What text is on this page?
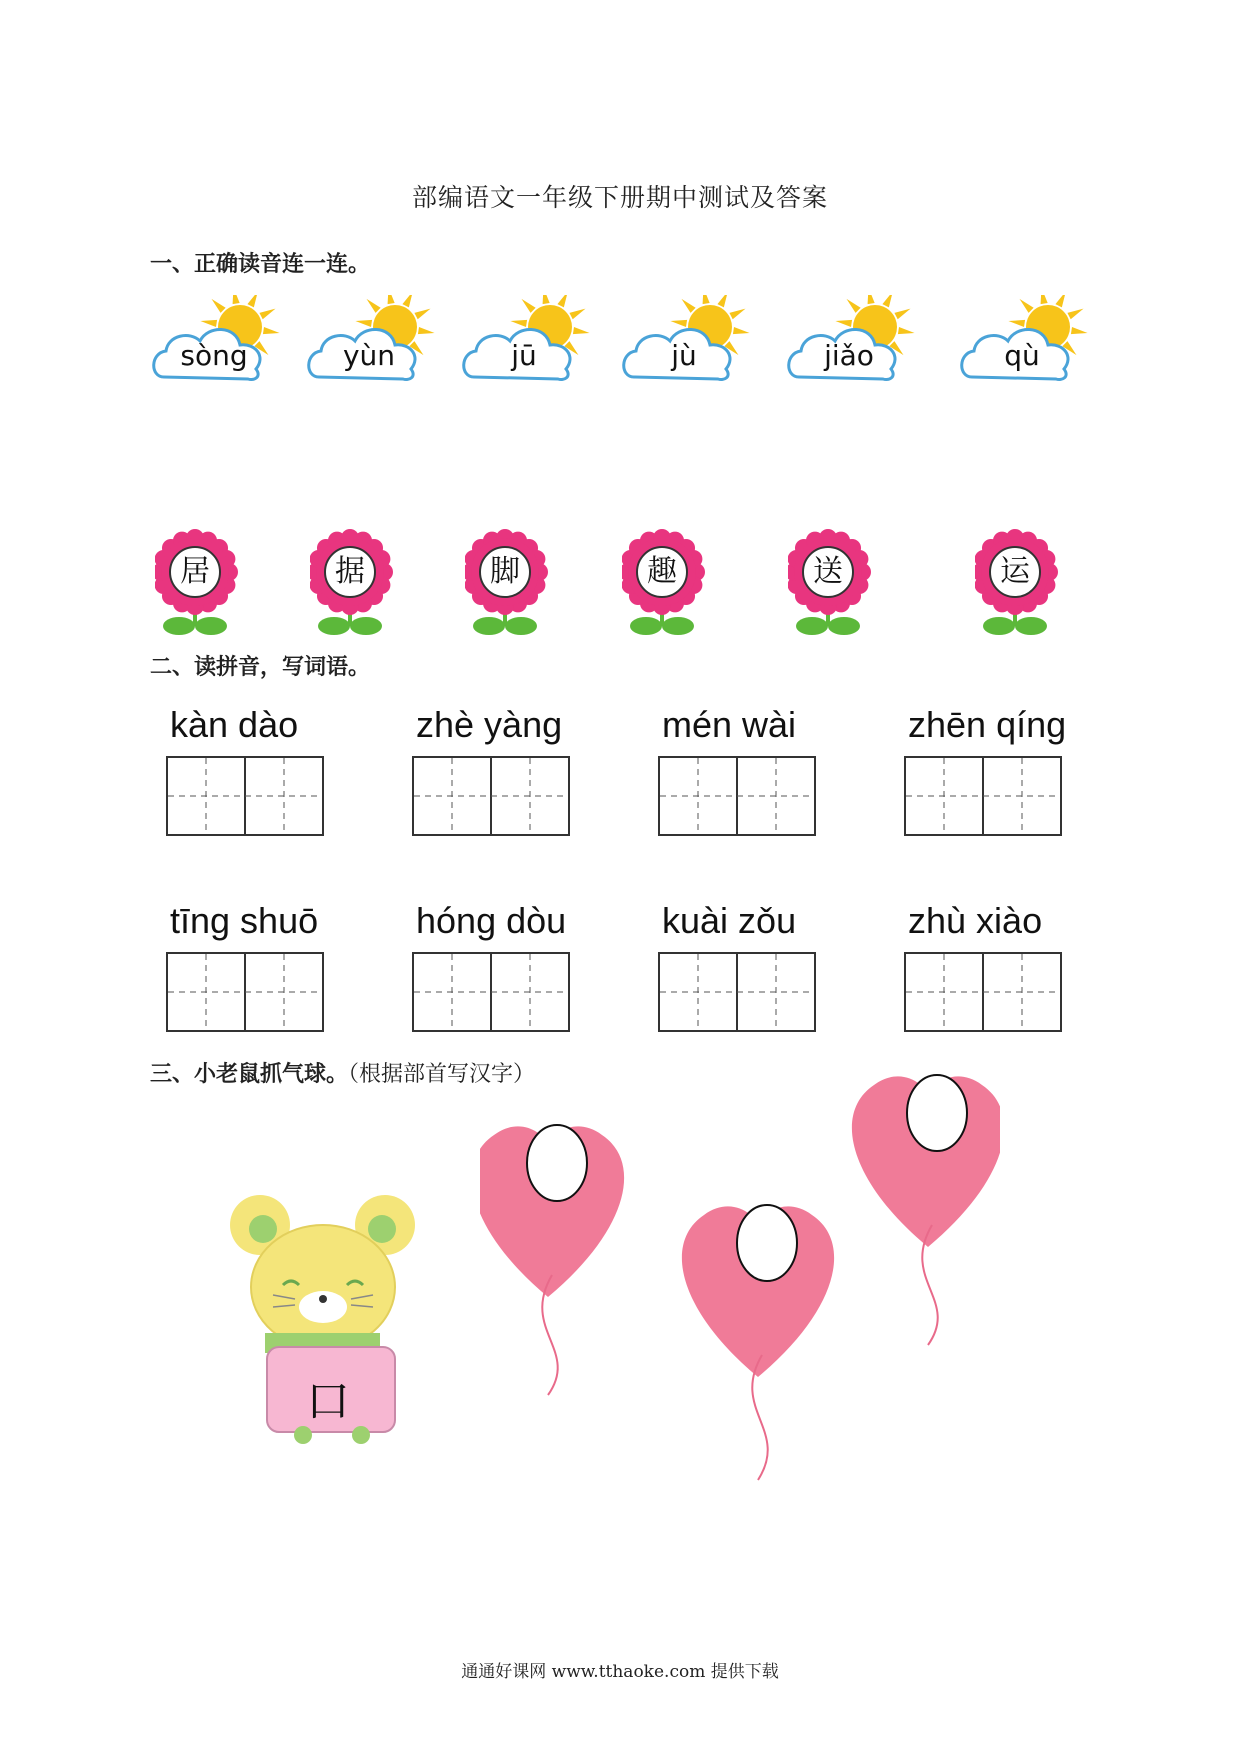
部编语文一年级下册期中测试及答案
一、正确读音连一连。
sòng	yùn	jū	jù	jiǎo	qù
居	据	脚	趣	送	运
二、读拼音，写词语。
kàn dào	zhè yàng	mén wài	zhēn qíng
tīng shuō	hóng dòu	kuài zǒu	zhù xiào
三、小老鼠抓气球。（根据部首写汉字）
口
通通好课网 www.tthaoke.com 提供下载
